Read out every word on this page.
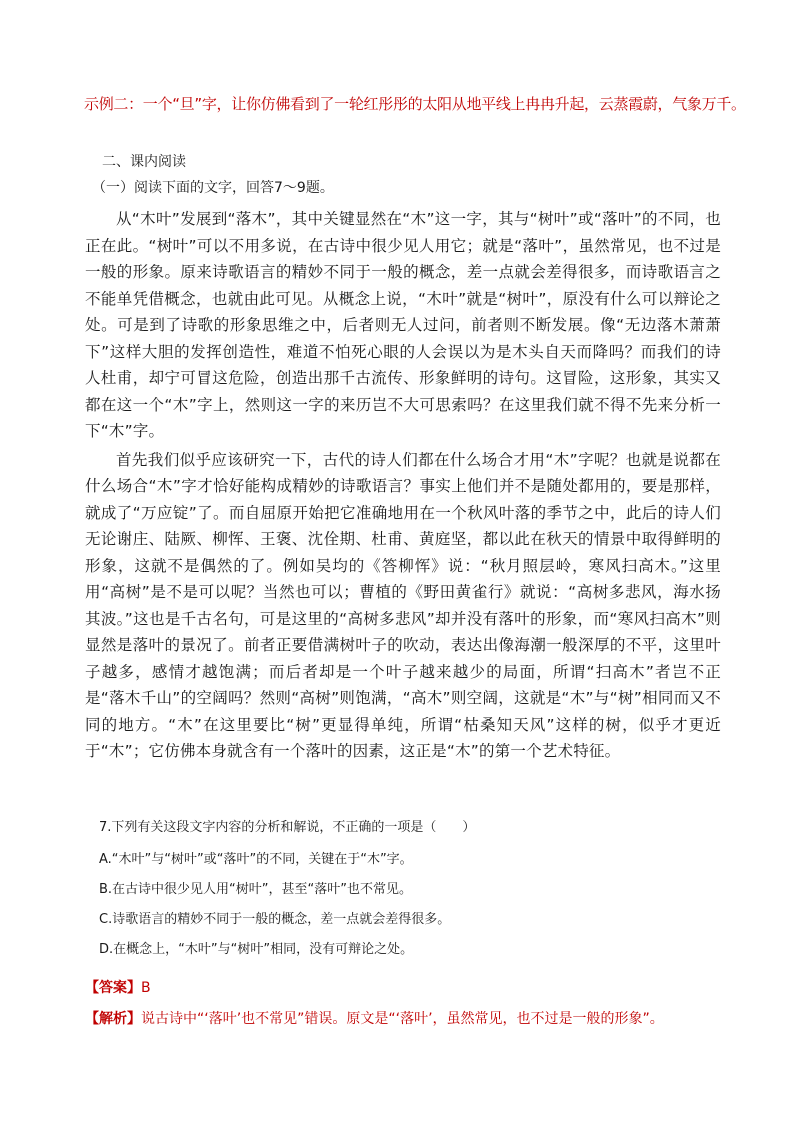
示例二：一个“旦”字，让你仿佛看到了一轮红彤彤的太阳从地平线上冉冉升起，云蒸霞蔚，气象万千。
二、课内阅读
（一）阅读下面的文字，回答7～9题。

从“木叶”发展到“落木”，其中关键显然在“木”这一字，其与“树叶”或“落叶”的不同，也正在此。“树叶”可以不用多说，在古诗中很少见人用它；就是“落叶”，虽然常见，也不过是一般的形象。原来诗歌语言的精妙不同于一般的概念，差一点就会差得很多，而诗歌语言之不能单凭借概念，也就由此可见。从概念上说，“木叶”就是“树叶”，原没有什么可以辩论之处。可是到了诗歌的形象思维之中，后者则无人过问，前者则不断发展。像“无边落木萧萧下”这样大胆的发挥创造性，难道不怕死心眼的人会误以为是木头自天而降吗？而我们的诗人杜甫，却宁可冒这危险，创造出那千古流传、形象鲜明的诗句。这冒险，这形象，其实又都在这一个“木”字上，然则这一字的来历岂不大可思索吗？在这里我们就不得不先来分析一下“木”字。

首先我们似乎应该研究一下，古代的诗人们都在什么场合才用“木”字呢？也就是说都在什么场合“木”字才恰好能构成精妙的诗歌语言？事实上他们并不是随处都用的，要是那样，就成了“万应锭”了。而自屈原开始把它准确地用在一个秋风叶落的季节之中，此后的诗人们无论谢庄、陆厥、柳恽、王褒、沈佺期、杜甫、黄庭坚，都以此在秋天的情景中取得鲜明的形象，这就不是偶然的了。例如吴均的《答柳恽》说：“秋月照层岭，寒风扫高木。”这里用“高树”是不是可以呢？当然也可以；曹植的《野田黄雀行》就说：“高树多悲风，海水扬其波。”这也是千古名句，可是这里的“高树多悲风”却并没有落叶的形象，而“寒风扫高木”则显然是落叶的景况了。前者正要借满树叶子的吹动，表达出像海潮一般深厚的不平，这里叶子越多，感情才越饱满；而后者却是一个叶子越来越少的局面，所谓“扫高木”者岂不正是“落木千山”的空阔吗？然则“高树”则饱满，“高木”则空阔，这就是“木”与“树”相同而又不同的地方。“木”在这里要比“树”更显得单纯，所谓“枯桑知天风”这样的树，似乎才更近于“木”；它仿佛本身就含有一个落叶的因素，这正是“木”的第一个艺术特征。

7.下列有关这段文字内容的分析和解说，不正确的一项是（　　）

A.“木叶”与“树叶”或“落叶”的不同，关键在于“木”字。

B.在古诗中很少见人用“树叶”，甚至“落叶”也不常见。

C.诗歌语言的精妙不同于一般的概念，差一点就会差得很多。

D.在概念上，“木叶”与“树叶”相同，没有可辩论之处。

【答案】B
【解析】说古诗中“‘落叶’也不常见”错误。原文是“‘落叶’，虽然常见，也不过是一般的形象”。
